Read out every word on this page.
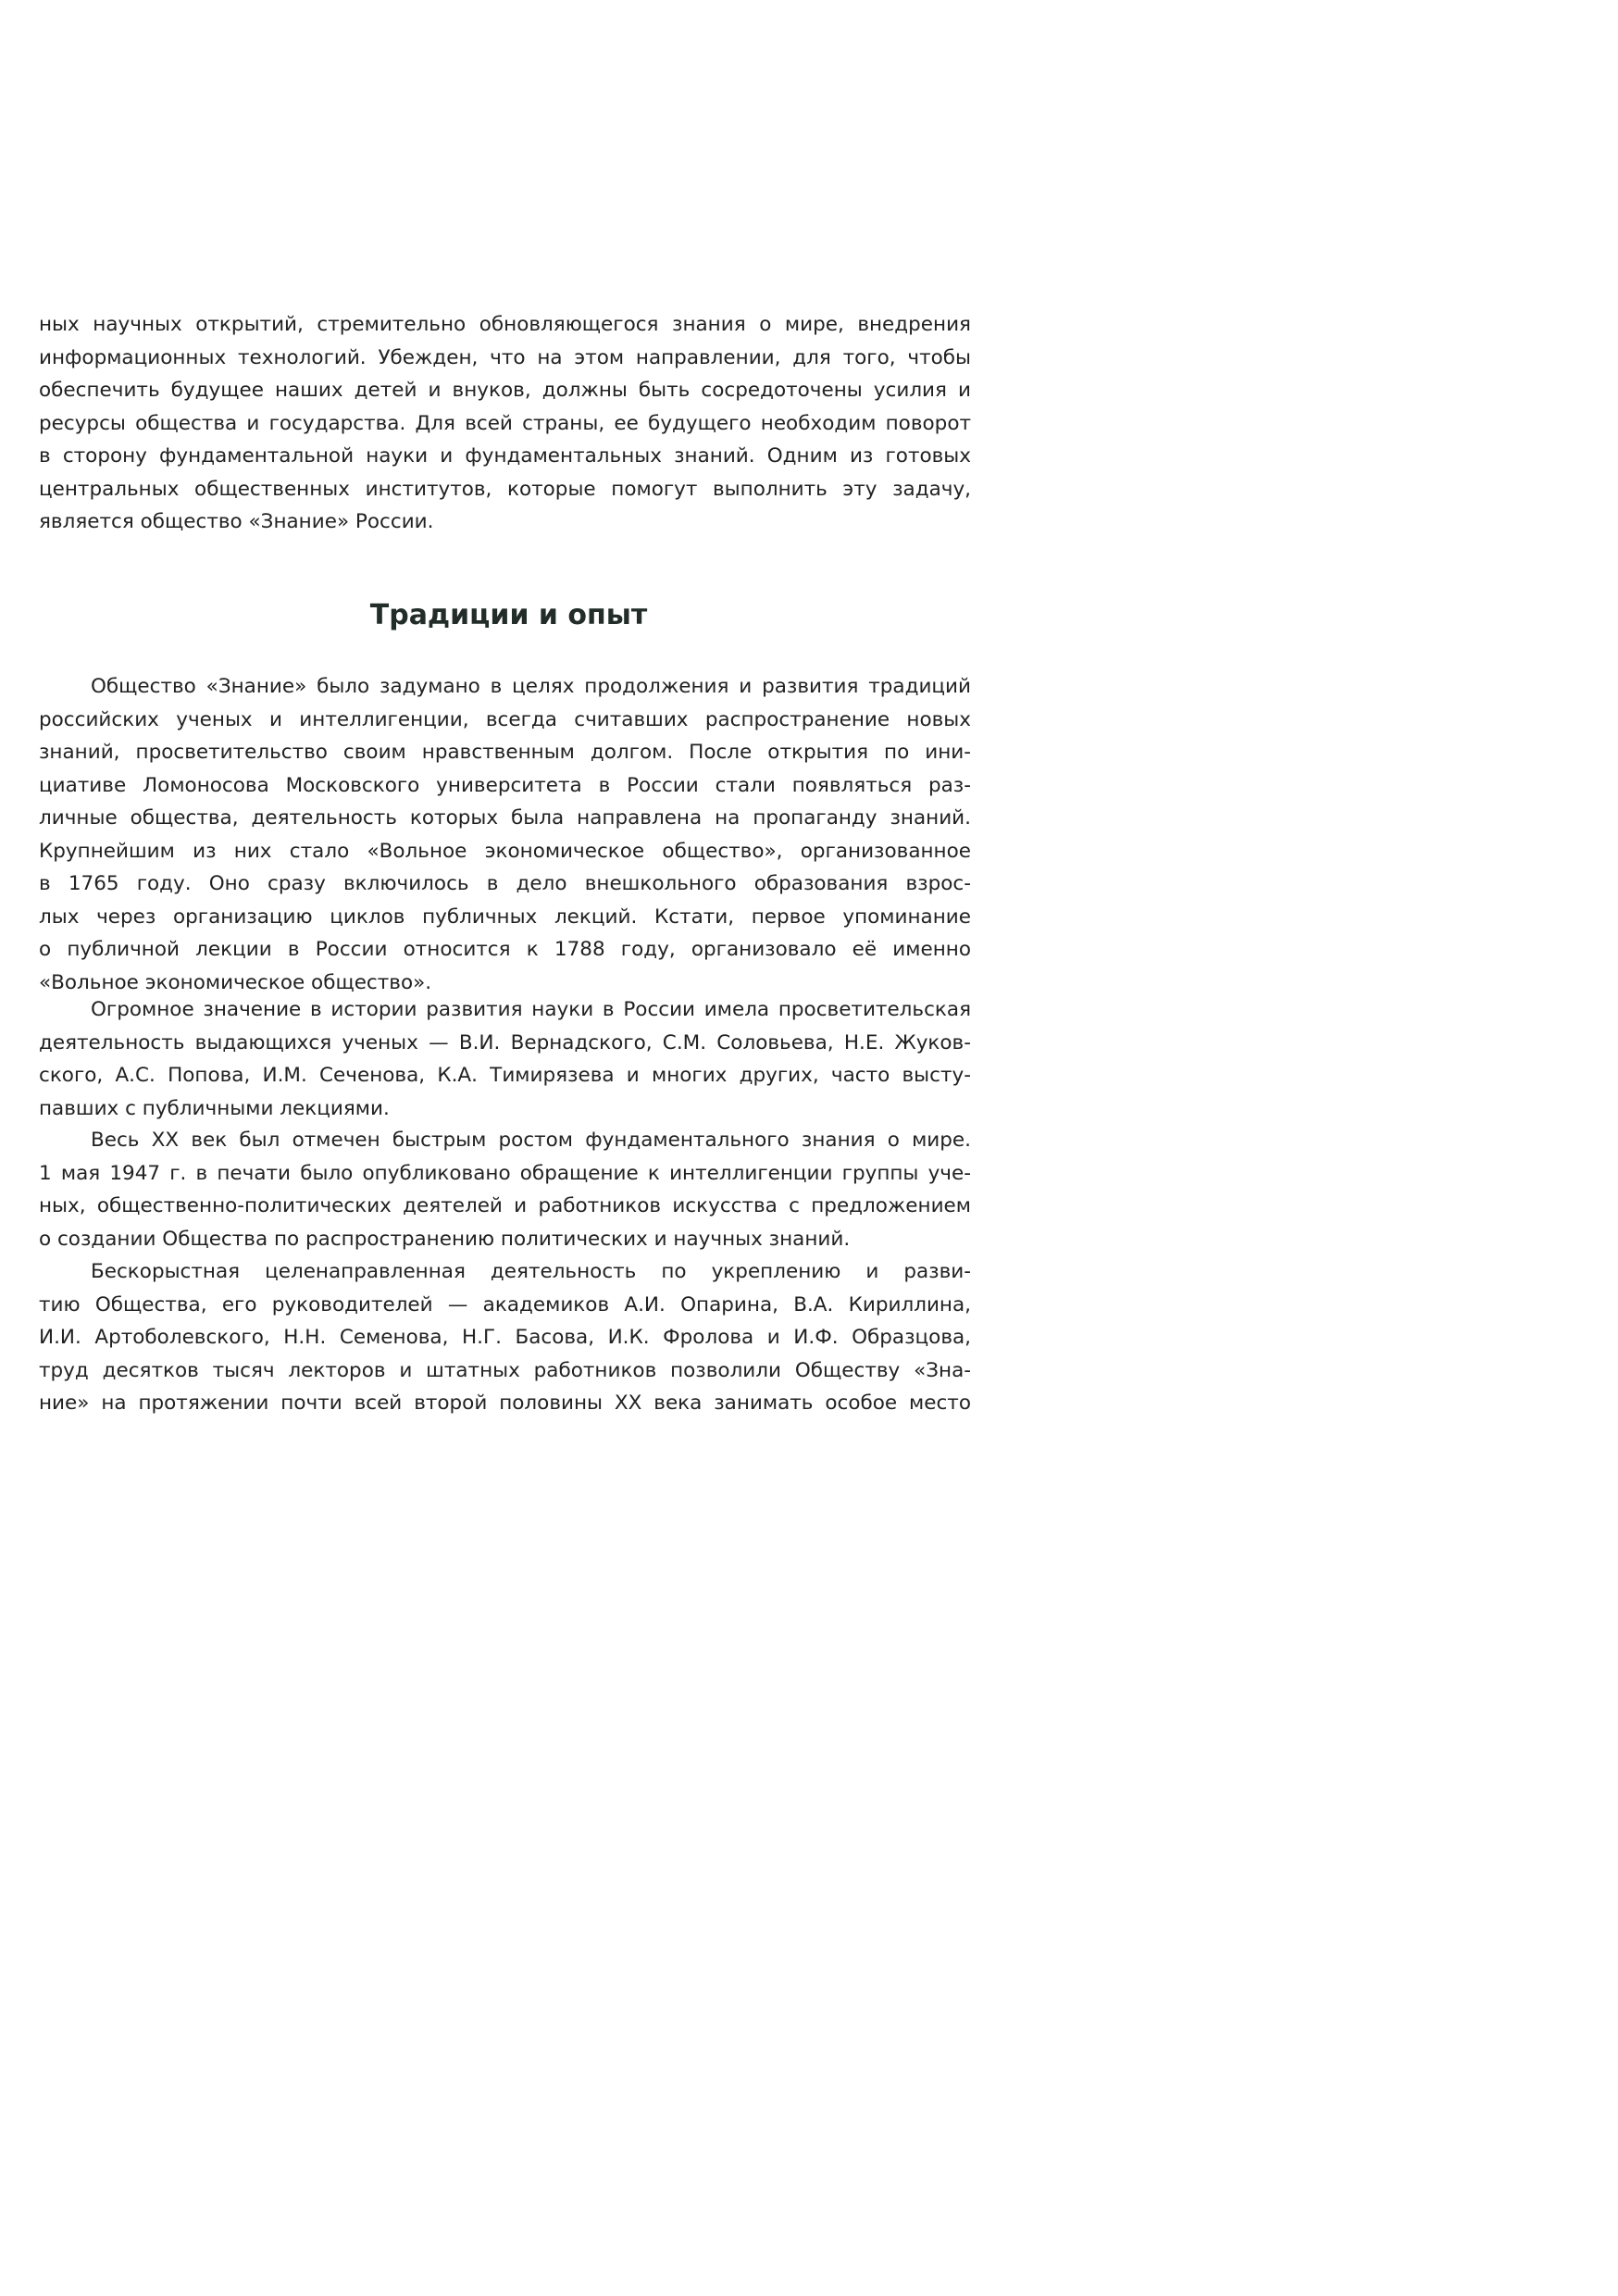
ных научных открытий, стремительно обновляющегося знания о мире, внедрения
информационных технологий. Убежден, что на этом направлении, для того, чтобы
обеспечить будущее наших детей и внуков, должны быть сосредоточены усилия и
ресурсы общества и государства. Для всей страны, ее будущего необходим поворот
в сторону фундаментальной науки и фундаментальных знаний. Одним из готовых
центральных общественных институтов, которые помогут выполнить эту задачу,
является общество «Знание» России.
Традиции и опыт
Общество «Знание» было задумано в целях продолжения и развития традиций
российских ученых и интеллигенции, всегда считавших распространение новых
знаний, просветительство своим нравственным долгом. После открытия по ини-
циативе Ломоносова Московского университета в России стали появляться раз-
личные общества, деятельность которых была направлена на пропаганду знаний.
Крупнейшим из них стало «Вольное экономическое общество», организованное
в 1765 году. Оно сразу включилось в дело внешкольного образования взрос-
лых через организацию циклов публичных лекций. Кстати, первое упоминание
о публичной лекции в России относится к 1788 году, организовало её именно
«Вольное экономическое общество».
Огромное значение в истории развития науки в России имела просветительская
деятельность выдающихся ученых — В.И. Вернадского, С.М. Соловьева, Н.Е. Жуков-
ского, А.С. Попова, И.М. Сеченова, К.А. Тимирязева и многих других, часто высту-
павших с публичными лекциями.
Весь XX век был отмечен быстрым ростом фундаментального знания о мире.
1 мая 1947 г. в печати было опубликовано обращение к интеллигенции группы уче-
ных, общественно-политических деятелей и работников искусства с предложением
о создании Общества по распространению политических и научных знаний.
Бескорыстная целенаправленная деятельность по укреплению и разви-
тию Общества, его руководителей — академиков А.И. Опарина, В.А. Кириллина,
И.И. Артоболевского, Н.Н. Семенова, Н.Г. Басова, И.К. Фролова и И.Ф. Образцова,
труд десятков тысяч лекторов и штатных работников позволили Обществу «Зна-
ние» на протяжении почти всей второй половины XX века занимать особое место
